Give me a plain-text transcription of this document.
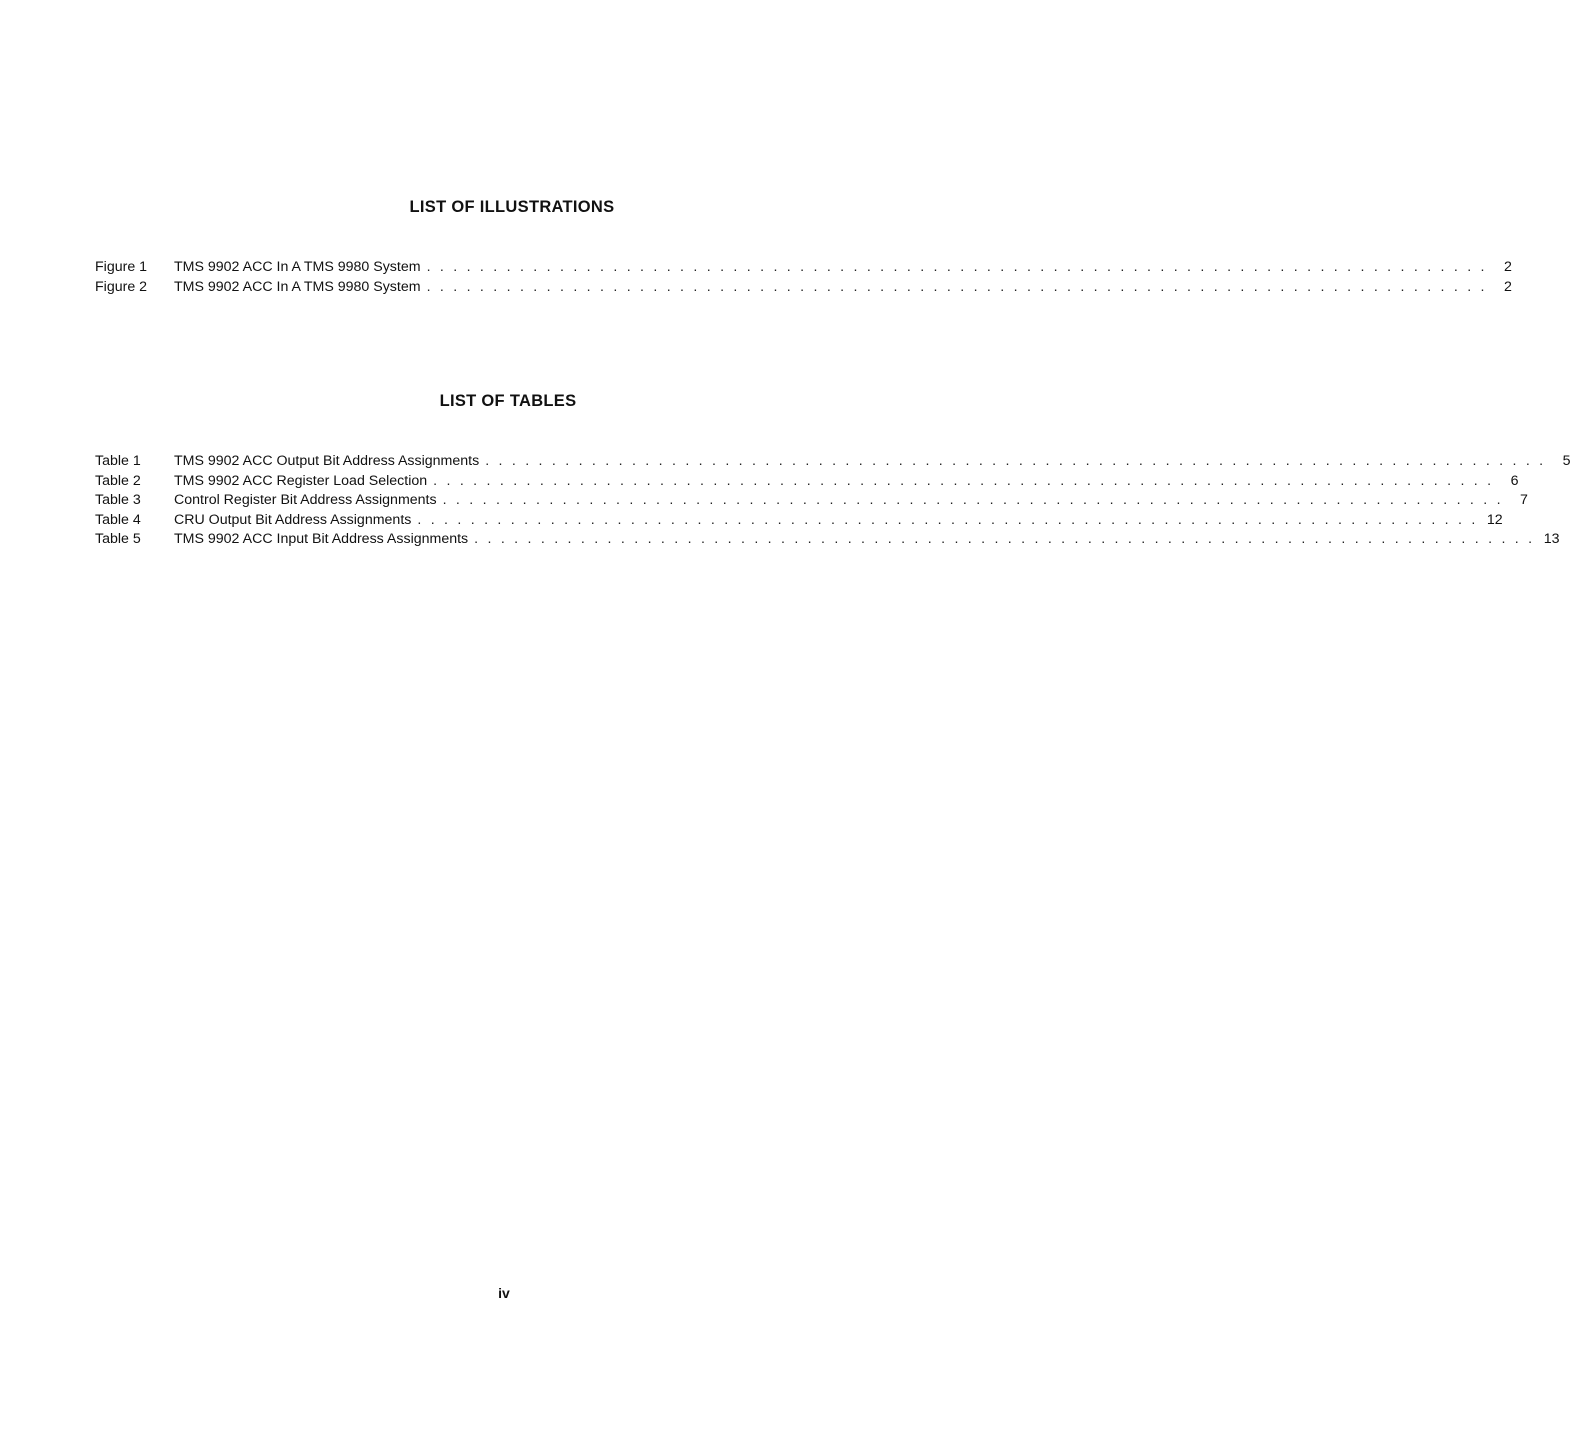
LIST OF ILLUSTRATIONS
Figure 1	TMS 9902 ACC In A TMS 9980 System ................................................................................ 2
Figure 2	TMS 9902 ACC In A TMS 9980 System ................................................................................ 2
LIST OF TABLES
Table 1	TMS 9902 ACC Output Bit Address Assignments ................................................................................ 5
Table 2	TMS 9902 ACC Register Load Selection ................................................................................ 6
Table 3	Control Register Bit Address Assignments ................................................................................ 7
Table 4	CRU Output Bit Address Assignments ................................................................................ 12
Table 5	TMS 9902 ACC Input Bit Address Assignments ................................................................................ 13

iv
